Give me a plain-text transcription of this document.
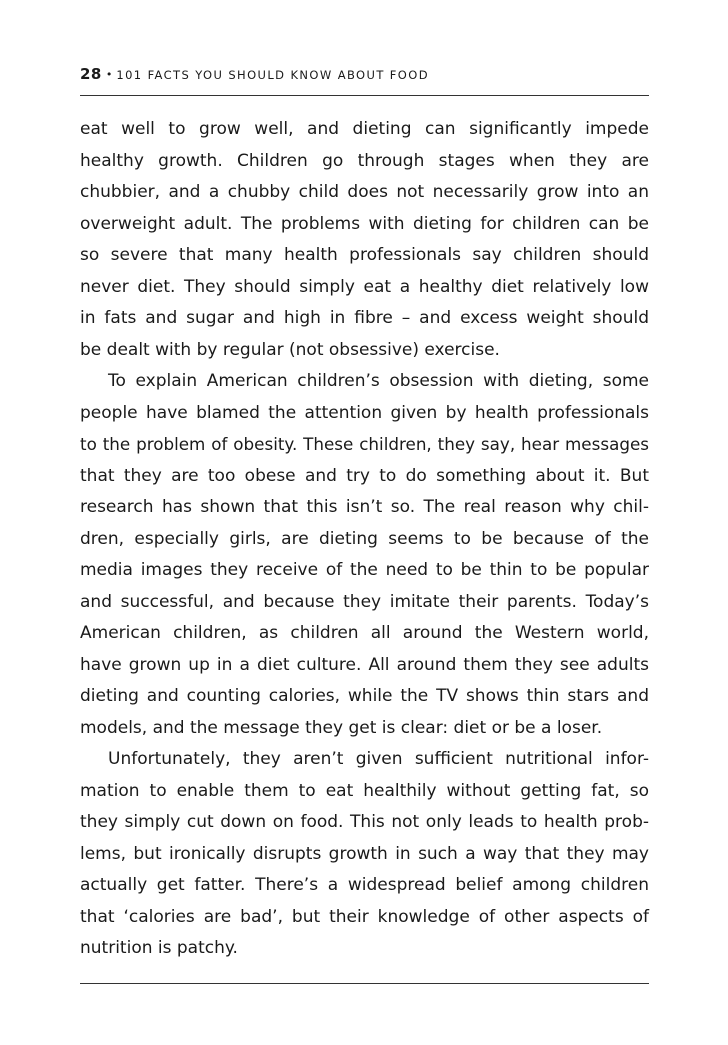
28 • 101 FACTS YOU SHOULD KNOW ABOUT FOOD
eat well to grow well, and dieting can significantly impede
healthy growth. Children go through stages when they are
chubbier, and a chubby child does not necessarily grow into an
overweight adult. The problems with dieting for children can be
so severe that many health professionals say children should
never diet. They should simply eat a healthy diet relatively low
in fats and sugar and high in fibre – and excess weight should
be dealt with by regular (not obsessive) exercise.
To explain American children’s obsession with dieting, some
people have blamed the attention given by health professionals
to the problem of obesity. These children, they say, hear messages
that they are too obese and try to do something about it. But
research has shown that this isn’t so. The real reason why chil-
dren, especially girls, are dieting seems to be because of the
media images they receive of the need to be thin to be popular
and successful, and because they imitate their parents. Today’s
American children, as children all around the Western world,
have grown up in a diet culture. All around them they see adults
dieting and counting calories, while the TV shows thin stars and
models, and the message they get is clear: diet or be a loser.
Unfortunately, they aren’t given sufficient nutritional infor-
mation to enable them to eat healthily without getting fat, so
they simply cut down on food. This not only leads to health prob-
lems, but ironically disrupts growth in such a way that they may
actually get fatter. There’s a widespread belief among children
that ‘calories are bad’, but their knowledge of other aspects of
nutrition is patchy.
